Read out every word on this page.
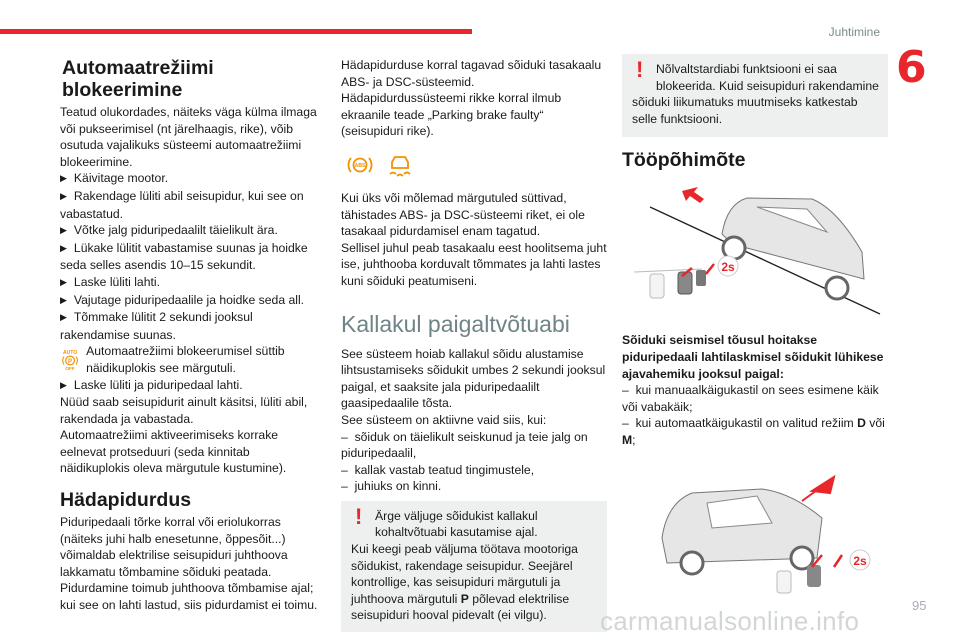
Juhtimine
6
Automaatrežiimi blokeerimine

Teatud olukordades, näiteks väga külma ilmaga või pukseerimisel (nt järelhaagis, rike), võib osutuda vajalikuks süsteemi automaatrežiimi blokeerimine.

▶ Käivitage mootor.

▶ Rakendage lüliti abil seisupidur, kui see on vabastatud.

▶ Võtke jalg piduripedaalilt täielikult ära.

▶ Lükake lülitit vabastamise suunas ja hoidke seda selles asendis 10–15 sekundit.

▶ Laske lüliti lahti.

▶ Vajutage piduripedaalile ja hoidke seda all.

▶ Tõmmake lülitit 2 sekundi jooksul rakendamise suunas.

AUTO
P
OFF

Automaatrežiimi blokeerumisel süttib näidikuplokis see märgutuli.

▶ Laske lüliti ja piduripedaal lahti.

Nüüd saab seisupidurit ainult käsitsi, lüliti abil, rakendada ja vabastada.

Automaatrežiimi aktiveerimiseks korrake eelnevat protseduuri (seda kinnitab näidikuplokis oleva märgutule kustumine).

Hädapidurdus

Piduripedaali tõrke korral või eriolukorras (näiteks juhi halb enesetunne, õppesõit...) võimaldab elektrilise seisupiduri juhthoova lakkamatu tõmbamine sõiduki peatada.

Pidurdamine toimub juhthoova tõmbamise ajal; kui see on lahti lastud, siis pidurdamist ei toimu.

Hädapidurduse korral tagavad sõiduki tasakaalu ABS- ja DSC-süsteemid.

Hädapidurdussüsteemi rikke korral ilmub ekraanile teade „Parking brake faulty“ (seisupiduri rike).

ABS

Kui üks või mõlemad märgutuled süttivad, tähistades ABS- ja DSC-süsteemi riket, ei ole tasakaal pidurdamisel enam tagatud.

Sellisel juhul peab tasakaalu eest hoolitsema juht ise, juhthooba korduvalt tõmmates ja lahti lastes kuni sõiduki peatumiseni.

Kallakul paigaltvõtuabi

See süsteem hoiab kallakul sõidu alustamise lihtsustamiseks sõidukit umbes 2 sekundi jooksul paigal, et saaksite jala piduripedaalilt gaasipedaalile tõsta.

See süsteem on aktiivne vaid siis, kui:

–  sõiduk on täielikult seiskunud ja teie jalg on piduripedaalil,

–  kallak vastab teatud tingimustele,

–  juhiuks on kinni.

!	Ärge väljuge sõidukist kallakul kohaltvõtuabi kasutamise ajal.

Kui keegi peab väljuma töötava mootoriga sõidukist, rakendage seisupidur. Seejärel kontrollige, kas seisupiduri märgutuli ja juhthoova märgutuli P põlevad elektrilise seisupiduri hooval pidevalt (ei vilgu).

!	Nõlvaltstardiabi funktsiooni ei saa blokeerida. Kuid seisupiduri rakendamine sõiduki liikumatuks muutmiseks katkestab selle funktsiooni.

Tööpõhimõte
2s

Sõiduki seismisel tõusul hoitakse piduripedaali lahtilaskmisel sõidukit lühikese ajavahemiku jooksul paigal:

–  kui manuaalkäigukastil on sees esimene käik või vabakäik;

–  kui automaatkäigukastil on valitud režiim D või M;

2s
95
carmanualsonline.info
